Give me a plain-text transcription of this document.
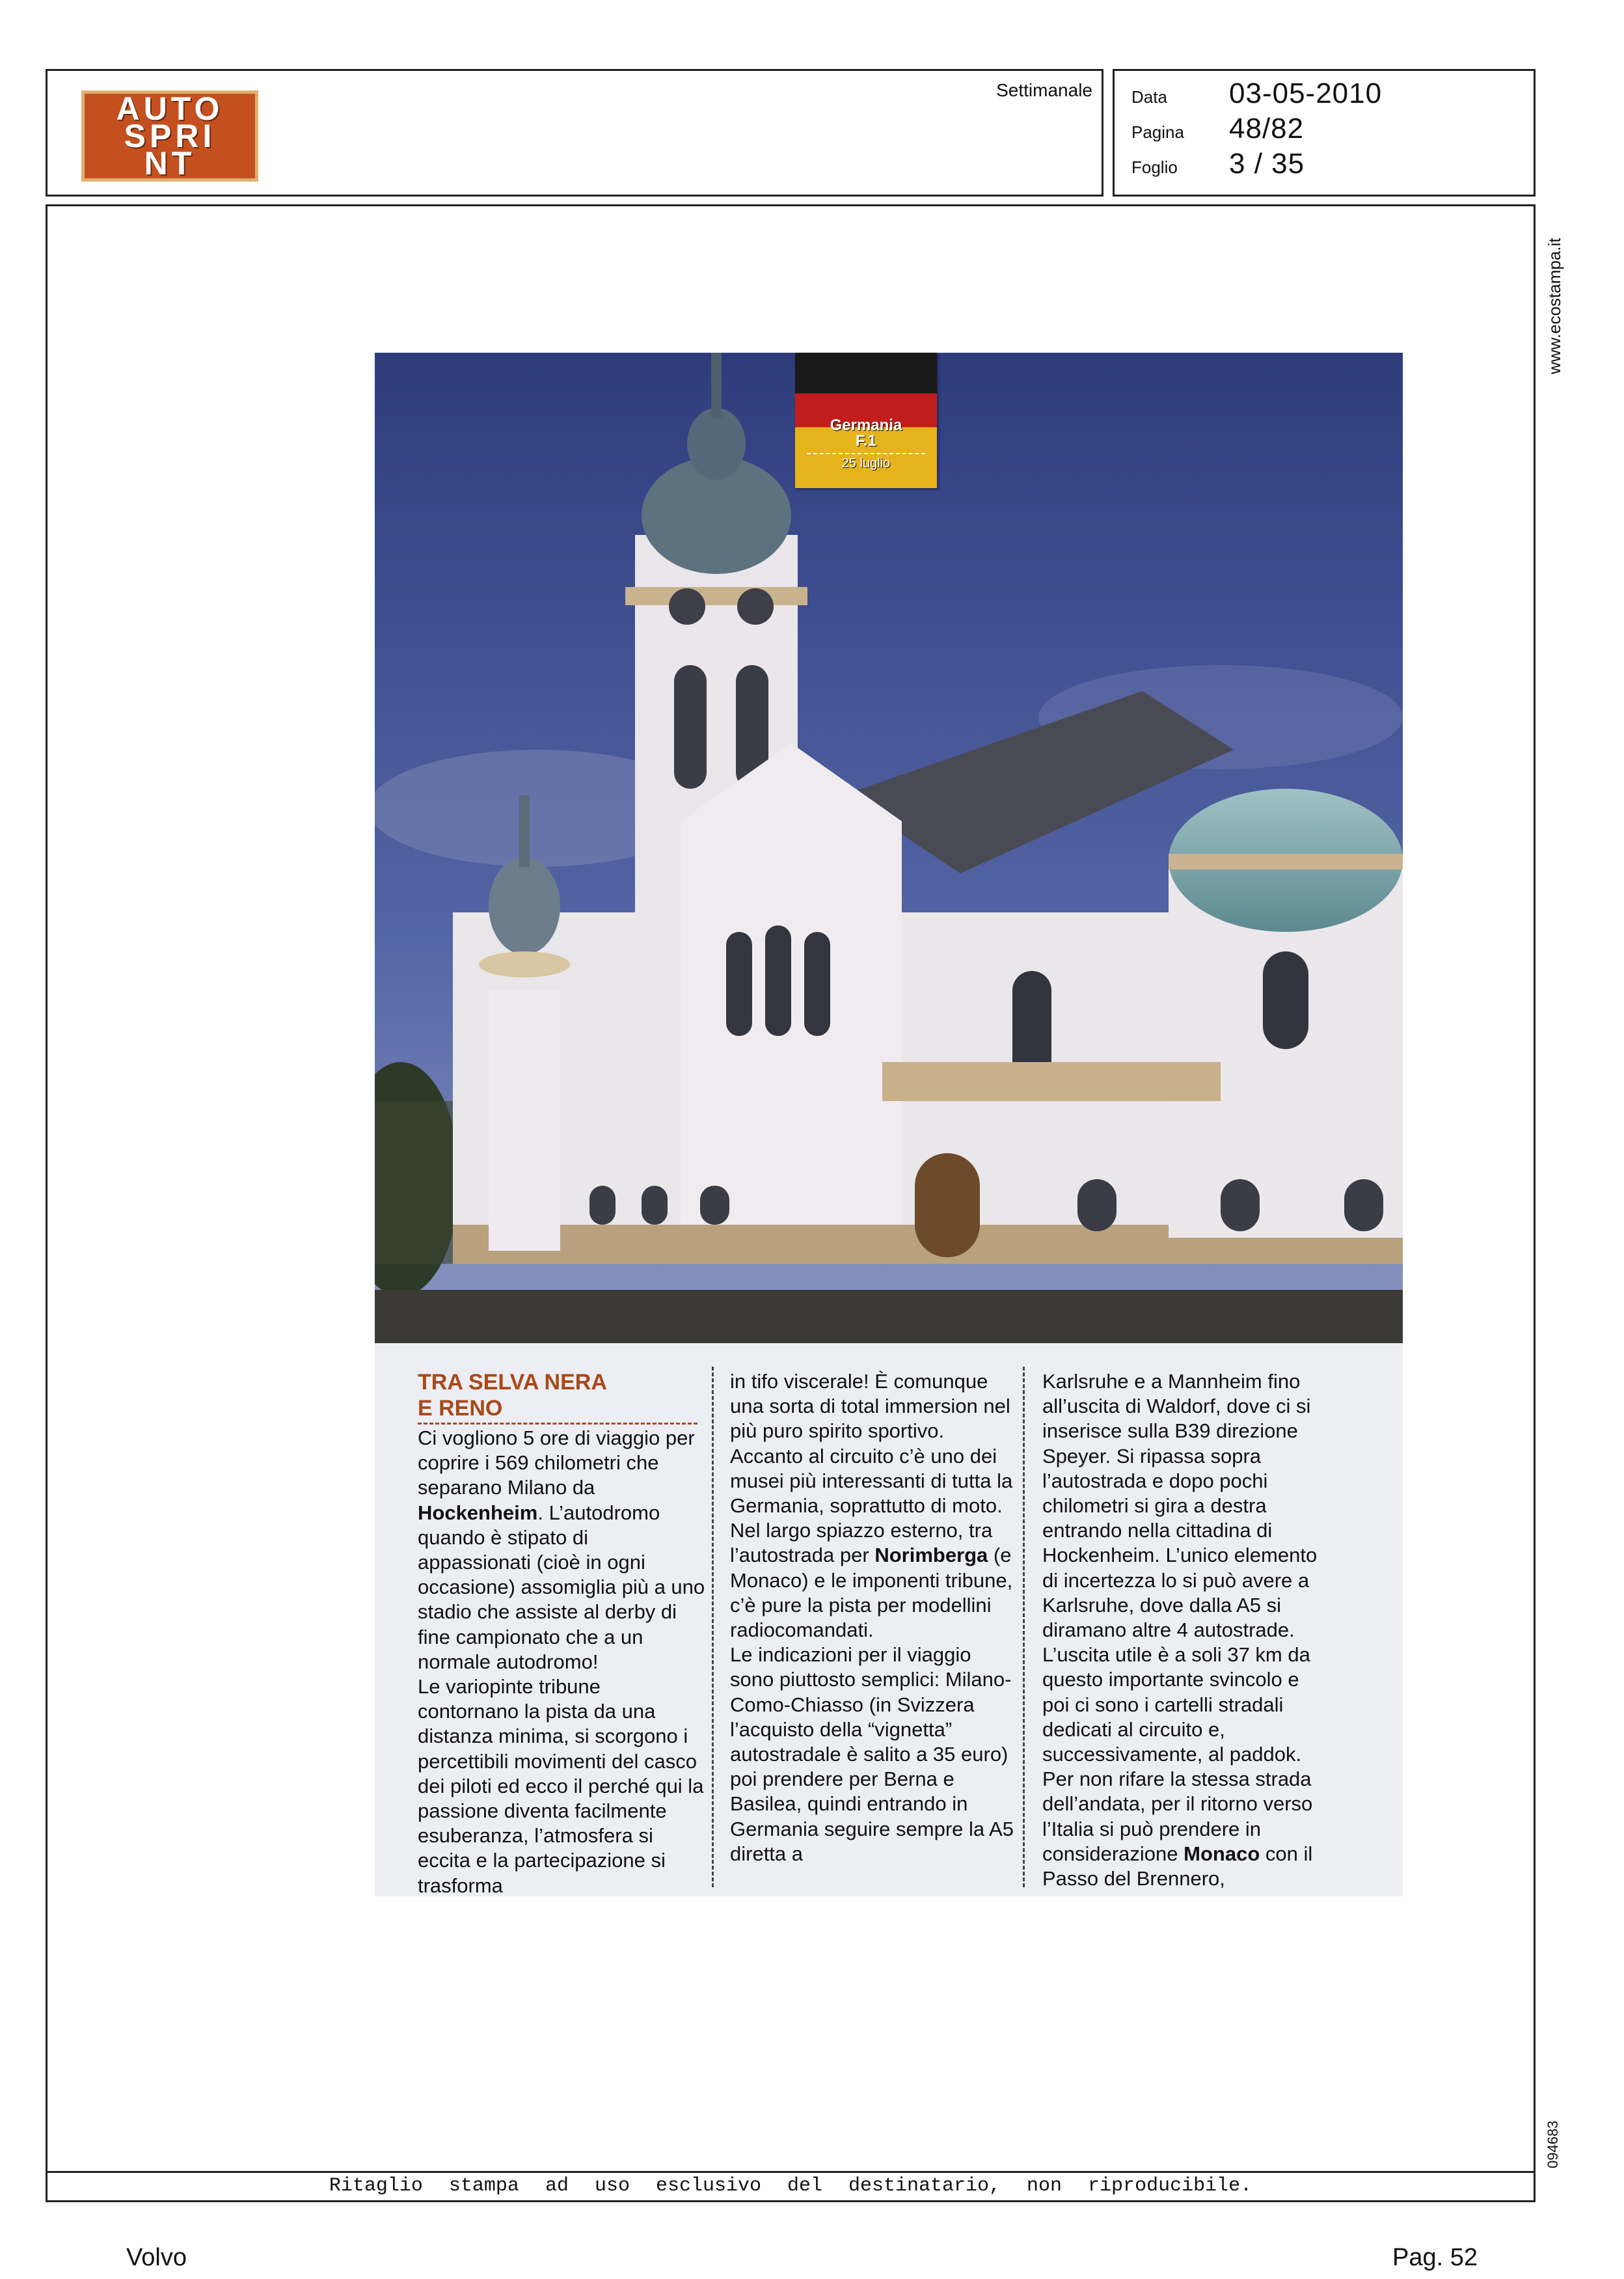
AUTO
SPRI
NT
Settimanale Data	03-05-2010
Pagina	48/82
Foglio	3 / 35
www.ecostampa.it
094683
Germania
F.1
25 luglio
TRA SELVA NERA
E RENO
Ci vogliono 5 ore di viaggio per coprire i 569 chilometri che separano Milano da Hockenheim. L’autodromo quando è stipato di appassionati (cioè in ogni occasione) assomiglia più a uno stadio che assiste al derby di fine campionato che a un normale autodromo!
Le variopinte tribune contornano la pista da una distanza minima, si scorgono i percettibili movimenti del casco dei piloti ed ecco il perché qui la passione diventa facilmente esuberanza, l’atmosfera si eccita e la partecipazione si trasforma
in tifo viscerale! È comunque una sorta di total immersion nel più puro spirito sportivo. Accanto al circuito c’è uno dei musei più interessanti di tutta la Germania, soprattutto di moto. Nel largo spiazzo esterno, tra l’autostrada per Norimberga (e Monaco) e le imponenti tribune, c’è pure la pista per modellini radiocomandati.
Le indicazioni per il viaggio sono piuttosto semplici: Milano-Como-Chiasso (in Svizzera l’acquisto della “vignetta” autostradale è salito a 35 euro) poi prendere per Berna e Basilea, quindi entrando in Germania seguire sempre la A5 diretta a
Karlsruhe e a Mannheim fino all’uscita di Waldorf, dove ci si inserisce sulla B39 direzione Speyer. Si ripassa sopra l’autostrada e dopo pochi chilometri si gira a destra entrando nella cittadina di Hockenheim. L’unico elemento di incertezza lo si può avere a Karlsruhe, dove dalla A5 si diramano altre 4 autostrade. L’uscita utile è a soli 37 km da questo importante svincolo e poi ci sono i cartelli stradali dedicati al circuito e, successivamente, al paddok. Per non rifare la stessa strada dell’andata, per il ritorno verso l’Italia si può prendere in considerazione Monaco con il Passo del Brennero,
Ritaglio stampa ad uso esclusivo del destinatario, non riproducibile.
Volvo	Pag. 52
